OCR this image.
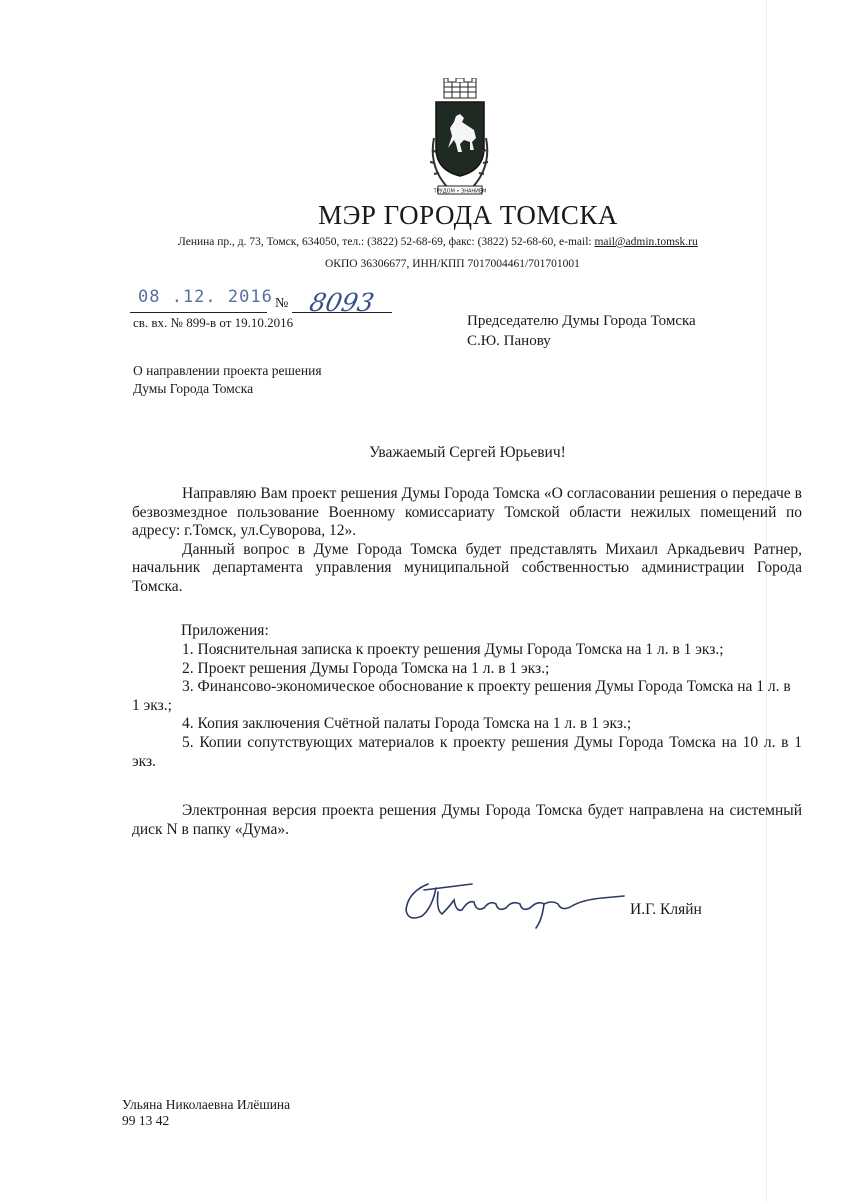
ТРУДОМ • ЗНАНИЕМ
МЭР ГОРОДА ТОМСКА
Ленина пр., д. 73, Томск, 634050, тел.: (3822) 52-68-69, факс: (3822) 52-68-60, e-mail: mail@admin.tomsk.ru
ОКПО 36306677, ИНН/КПП 7017004461/701701001
08 .12. 2016 № 8093
св. вх. № 899-в от 19.10.2016	Председателю Думы Города Томска
С.Ю. Панову
О направлении проекта решения
Думы Города Томска
Уважаемый Сергей Юрьевич!

Направляю Вам проект решения Думы Города Томска «О согласовании решения о передаче в безвозмездное пользование Военному комиссариату Томской области нежилых помещений по адресу: г.Томск, ул.Суворова, 12».

Данный вопрос в Думе Города Томска будет представлять Михаил Аркадьевич Ратнер, начальник департамента управления муниципальной собственностью администрации Города Томска.

Приложения:
1. Пояснительная записка к проекту решения Думы Города Томска на 1 л. в 1 экз.;
2. Проект решения Думы Города Томска на 1 л. в 1 экз.;
3. Финансово-экономическое обоснование к проекту решения Думы Города Томска на 1 л. в 1 экз.;
4. Копия заключения Счётной палаты Города Томска на 1 л. в 1 экз.;
5. Копии сопутствующих материалов к проекту решения Думы Города Томска на 10 л. в 1 экз.

Электронная версия проекта решения Думы Города Томска будет направлена на системный диск N в папку «Дума».

И.Г. Кляйн
Ульяна Николаевна Илёшина
99 13 42
